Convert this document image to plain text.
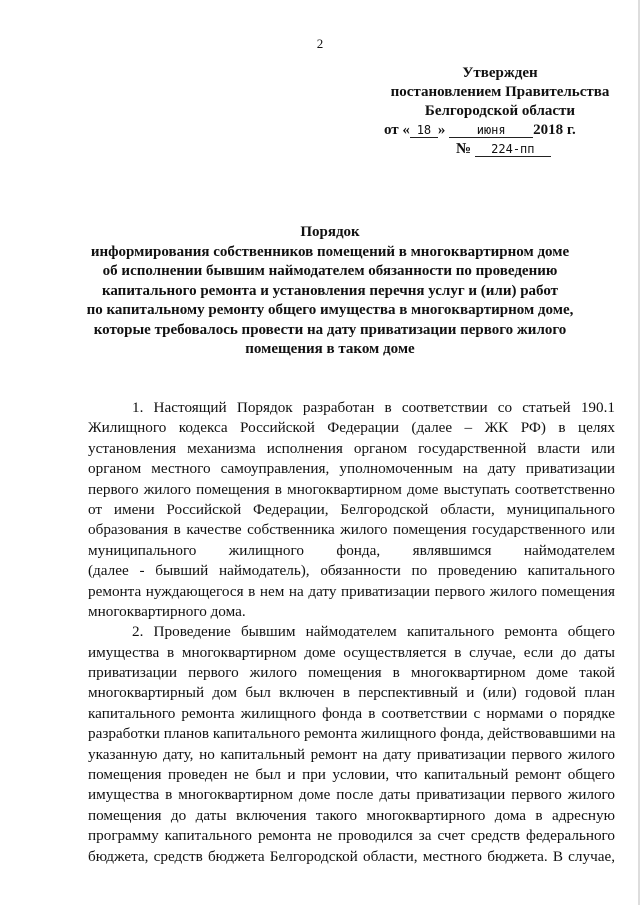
2
Утвержден
постановлением Правительства
Белгородской области
от « 18 »	июня 2018 г.
№ 224-пп
Порядок
информирования собственников помещений в многоквартирном доме
об исполнении бывшим наймодателем обязанности по проведению
капитального ремонта и установления перечня услуг и (или) работ
по капитальному ремонту общего имущества в многоквартирном доме,
которые требовалось провести на дату приватизации первого жилого
помещения в таком доме
1. Настоящий Порядок разработан в соответствии со статьей 190.1
Жилищного кодекса Российской Федерации (далее – ЖК РФ) в целях
установления механизма исполнения органом государственной власти или
органом местного самоуправления, уполномоченным на дату приватизации
первого жилого помещения в многоквартирном доме выступать соответственно
от имени Российской Федерации, Белгородской области, муниципального
образования в качестве собственника жилого помещения государственного или
муниципального жилищного фонда, являвшимся наймодателем
(далее - бывший наймодатель), обязанности по проведению капитального
ремонта нуждающегося в нем на дату приватизации первого жилого помещения
многоквартирного дома.
2. Проведение бывшим наймодателем капитального ремонта общего
имущества в многоквартирном доме осуществляется в случае, если до даты
приватизации первого жилого помещения в многоквартирном доме такой
многоквартирный дом был включен в перспективный и (или) годовой план
капитального ремонта жилищного фонда в соответствии с нормами о порядке
разработки планов капитального ремонта жилищного фонда, действовавшими на
указанную дату, но капитальный ремонт на дату приватизации первого жилого
помещения проведен не был и при условии, что капитальный ремонт общего
имущества в многоквартирном доме после даты приватизации первого жилого
помещения до даты включения такого многоквартирного дома в адресную
программу капитального ремонта не проводился за счет средств федерального
бюджета, средств бюджета Белгородской области, местного бюджета. В случае,
